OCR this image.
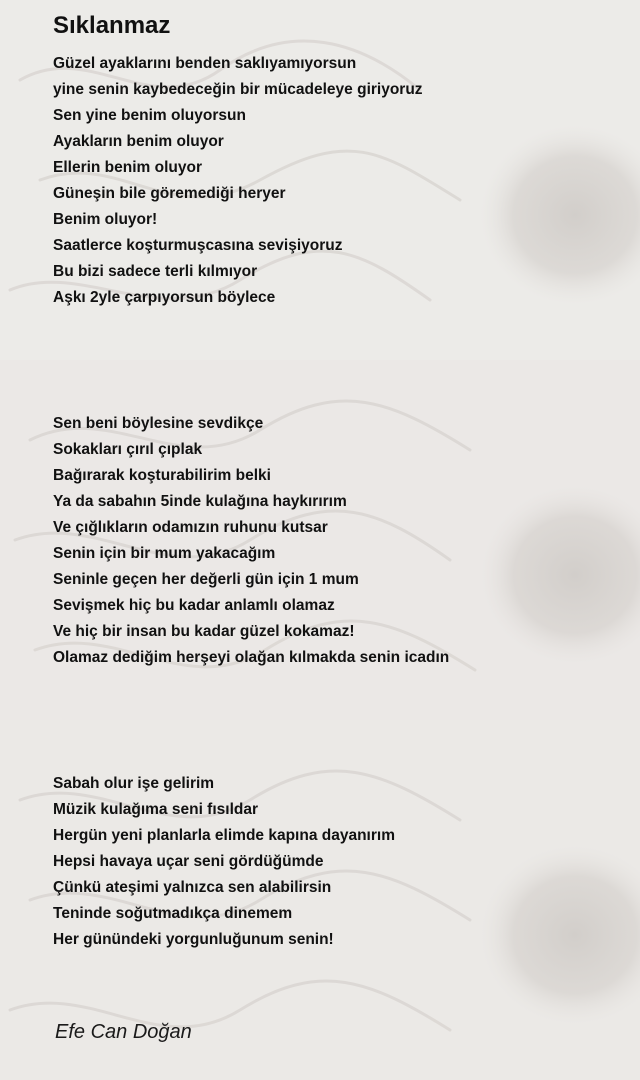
Sıklanmaz
Güzel ayaklarını benden saklıyamıyorsun
yine senin kaybedeceğin bir mücadeleye giriyoruz
Sen yine benim oluyorsun
Ayakların benim oluyor
Ellerin benim oluyor
Güneşin bile göremediği heryer
Benim oluyor!
Saatlerce koşturmuşcasına sevişiyoruz
Bu bizi sadece terli kılmıyor
Aşkı 2yle çarpıyorsun böylece
Sen beni böylesine sevdikçe
Sokakları çırıl çıplak
Bağırarak koşturabilirim belki
Ya da sabahın 5inde kulağına haykırırım
Ve çığlıkların odamızın ruhunu kutsar
Senin için bir mum yakacağım
Seninle geçen her değerli gün için 1 mum
Sevişmek hiç bu kadar anlamlı olamaz
Ve hiç bir insan bu kadar güzel kokamaz!
Olamaz dediğim herşeyi olağan kılmakda senin icadın
Sabah olur işe gelirim
Müzik kulağıma seni fısıldar
Hergün yeni planlarla elimde kapına dayanırım
Hepsi havaya uçar seni gördüğümde
Çünkü ateşimi yalnızca sen alabilirsin
Teninde soğutmadıkça dinemem
Her günündeki yorgunluğunum senin!
Efe Can Doğan
